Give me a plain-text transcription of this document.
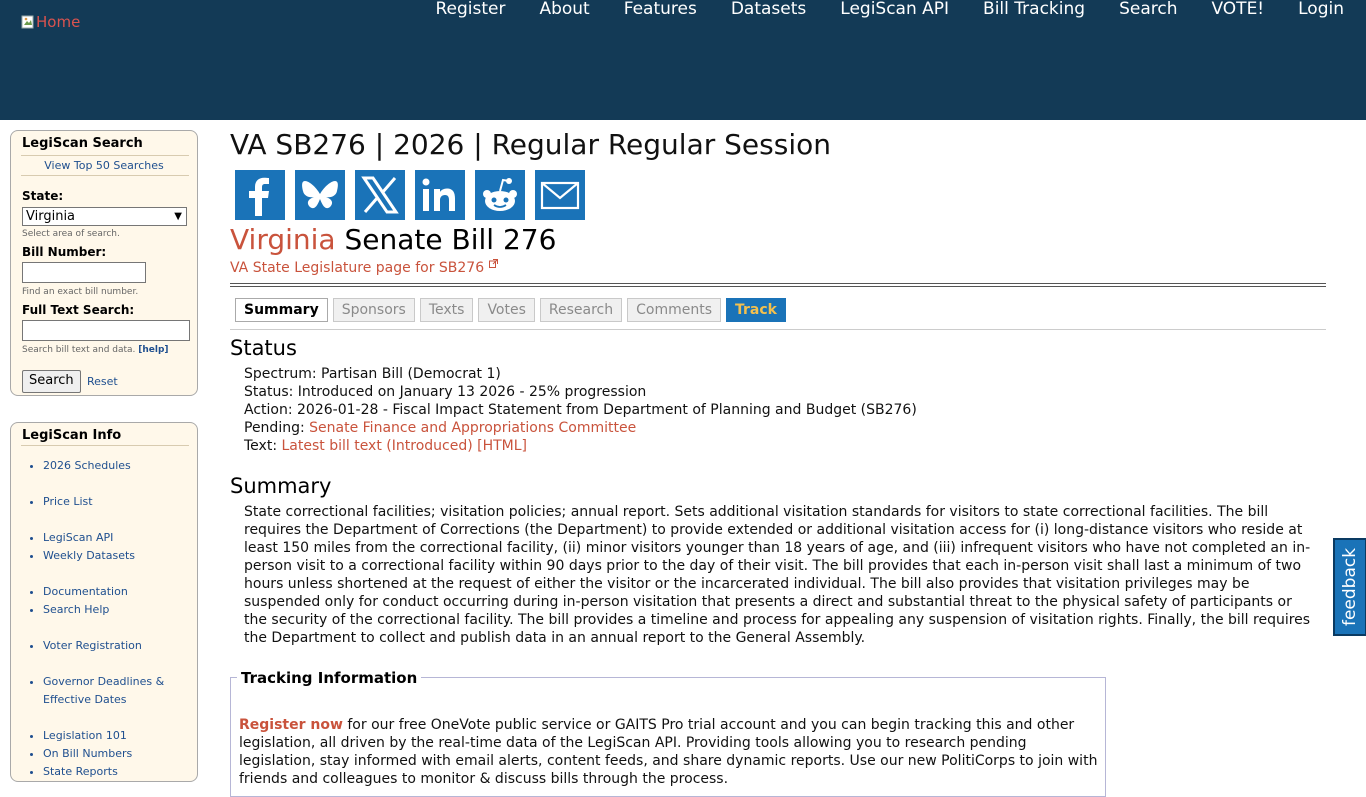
Home
Register	About	Features	Datasets	LegiScan API	Bill Tracking	Search	VOTE!	Login
LegiScan Search
View Top 50 Searches
State:
Virginia	▼
Select area of search.
Bill Number:
Find an exact bill number.
Full Text Search:
Search bill text and data. [help]
Search	Reset
LegiScan Info
• 2026 Schedules
• Price List
• LegiScan API
• Weekly Datasets
• Documentation
• Search Help
• Voter Registration
• Governor Deadlines & Effective Dates
• Legislation 101
• On Bill Numbers
• State Reports
VA SB276 | 2026 | Regular Regular Session
Virginia Senate Bill 276
VA State Legislature page for SB276
Summary	Sponsors	Texts	Votes	Research	Comments	Track
Status
Spectrum: Partisan Bill (Democrat 1)
Status: Introduced on January 13 2026 - 25% progression
Action: 2026-01-28 - Fiscal Impact Statement from Department of Planning and Budget (SB276)
Pending: Senate Finance and Appropriations Committee
Text: Latest bill text (Introduced) [HTML]
Summary

State correctional facilities; visitation policies; annual report. Sets additional visitation standards for visitors to state correctional facilities. The bill requires the Department of Corrections (the Department) to provide extended or additional visitation access for (i) long-distance visitors who reside at least 150 miles from the correctional facility, (ii) minor visitors younger than 18 years of age, and (iii) infrequent visitors who have not completed an in-person visit to a correctional facility within 90 days prior to the day of their visit. The bill provides that each in-person visit shall last a minimum of two hours unless shortened at the request of either the visitor or the incarcerated individual. The bill also provides that visitation privileges may be suspended only for conduct occurring during in-person visitation that presents a direct and substantial threat to the physical safety of participants or the security of the correctional facility. The bill provides a timeline and process for appealing any suspension of visitation rights. Finally, the bill requires the Department to collect and publish data in an annual report to the General Assembly.

Tracking Information

Register now for our free OneVote public service or GAITS Pro trial account and you can begin tracking this and other legislation, all driven by the real-time data of the LegiScan API. Providing tools allowing you to research pending legislation, stay informed with email alerts, content feeds, and share dynamic reports. Use our new PolitiCorps to join with friends and colleagues to monitor & discuss bills through the process.

feedback
